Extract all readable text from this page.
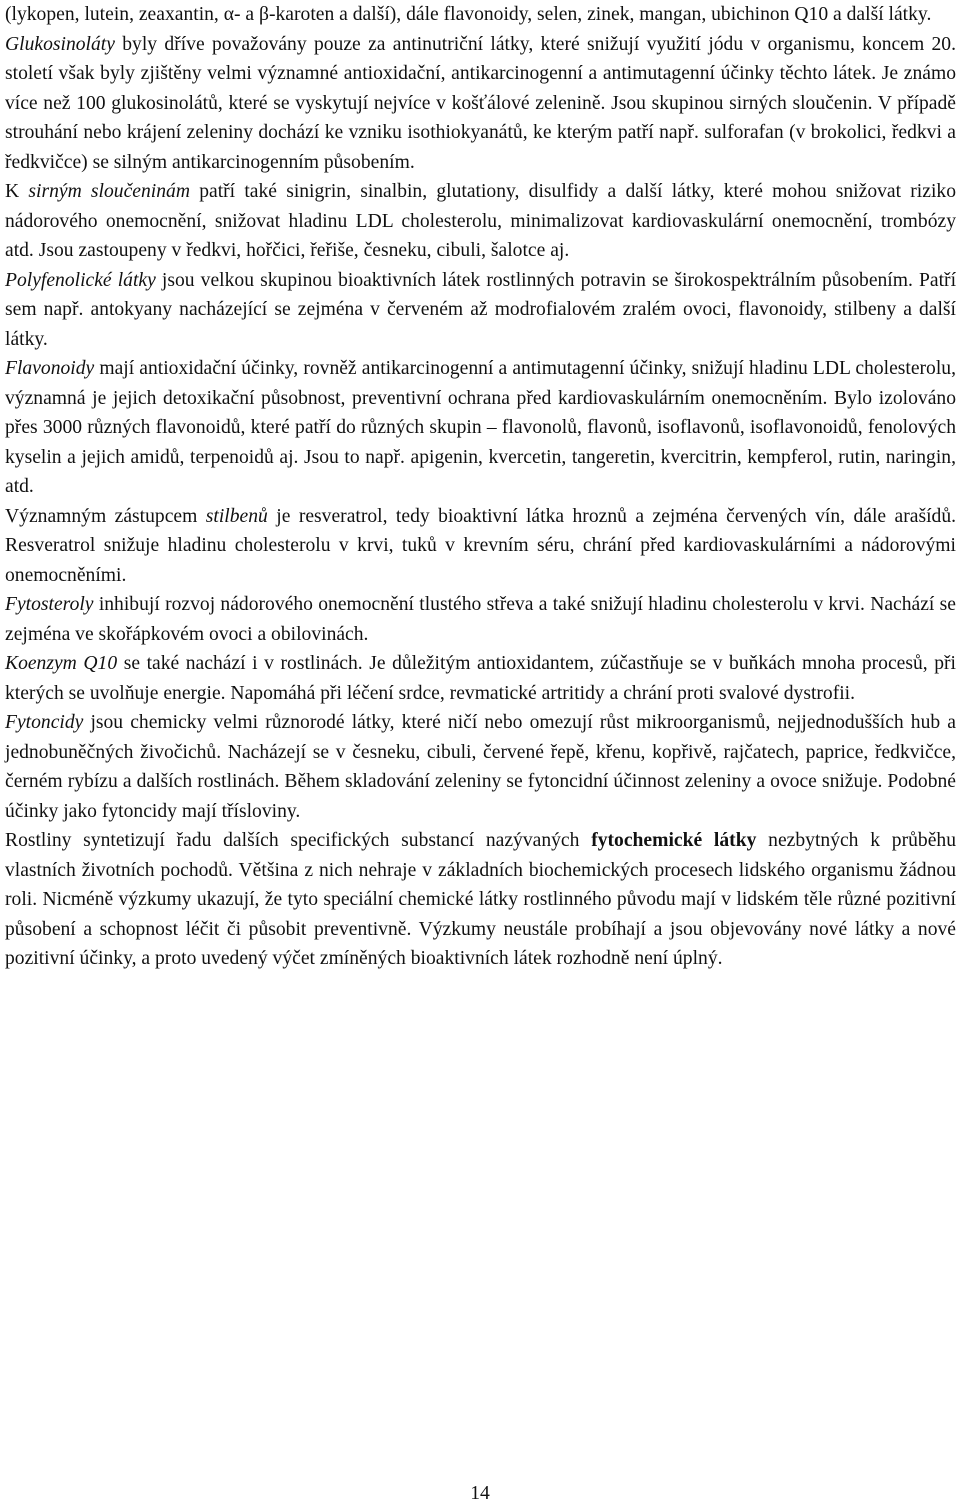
(lykopen, lutein, zeaxantin, α- a β-karoten a další), dále flavonoidy, selen, zinek, mangan, ubichinon Q10 a další látky.

Glukosinoláty byly dříve považovány pouze za antinutriční látky, které snižují využití jódu v organismu, koncem 20. století však byly zjištěny velmi významné antioxidační, antikarcinogenní a antimutagenní účinky těchto látek. Je známo více než 100 glukosinolátů, které se vyskytují nejvíce v košťálové zelenině. Jsou skupinou sirných sloučenin. V případě strouhání nebo krájení zeleniny dochází ke vzniku isothiokyanátů, ke kterým patří např. sulforafan (v brokolici, ředkvi a ředkvičce) se silným antikarcinogenním působením.

K sirným sloučeninám patří také sinigrin, sinalbin, glutationy, disulfidy a další látky, které mohou snižovat riziko nádorového onemocnění, snižovat hladinu LDL cholesterolu, minimalizovat kardiovaskulární onemocnění, trombózy atd. Jsou zastoupeny v ředkvi, hořčici, řeřiše, česneku, cibuli, šalotce aj.

Polyfenolické látky jsou velkou skupinou bioaktivních látek rostlinných potravin se širokospektrálním působením. Patří sem např. antokyany nacházející se zejména v červeném až modrofialovém zralém ovoci, flavonoidy, stilbeny a další látky.

Flavonoidy mají antioxidační účinky, rovněž antikarcinogenní a antimutagenní účinky, snižují hladinu LDL cholesterolu, významná je jejich detoxikační působnost, preventivní ochrana před kardiovaskulárním onemocněním. Bylo izolováno přes 3000 různých flavonoidů, které patří do různých skupin – flavonolů, flavonů, isoflavonů, isoflavonoidů, fenolových kyselin a jejich amidů, terpenoidů aj. Jsou to např. apigenin, kvercetin, tangeretin, kvercitrin, kempferol, rutin, naringin, atd.

Významným zástupcem stilbenů je resveratrol, tedy bioaktivní látka hroznů a zejména červených vín, dále arašídů. Resveratrol snižuje hladinu cholesterolu v krvi, tuků v krevním séru, chrání před kardiovaskulárními a nádorovými onemocněními.

Fytosteroly inhibují rozvoj nádorového onemocnění tlustého střeva a také snižují hladinu cholesterolu v krvi. Nachází se zejména ve skořápkovém ovoci a obilovinách.

Koenzym Q10 se také nachází i v rostlinách. Je důležitým antioxidantem, zúčastňuje se v buňkách mnoha procesů, při kterých se uvolňuje energie. Napomáhá při léčení srdce, revmatické artritidy a chrání proti svalové dystrofii.

Fytoncidy jsou chemicky velmi různorodé látky, které ničí nebo omezují růst mikroorganismů, nejjednodušších hub a jednobuněčných živočichů. Nacházejí se v česneku, cibuli, červené řepě, křenu, kopřivě, rajčatech, paprice, ředkvičce, černém rybízu a dalších rostlinách. Během skladování zeleniny se fytoncidní účinnost zeleniny a ovoce snižuje. Podobné účinky jako fytoncidy mají třísloviny.

Rostliny syntetizují řadu dalších specifických substancí nazývaných fytochemické látky nezbytných k průběhu vlastních životních pochodů. Většina z nich nehraje v základních biochemických procesech lidského organismu žádnou roli. Nicméně výzkumy ukazují, že tyto speciální chemické látky rostlinného původu mají v lidském těle různé pozitivní působení a schopnost léčit či působit preventivně. Výzkumy neustále probíhají a jsou objevovány nové látky a nové pozitivní účinky, a proto uvedený výčet zmíněných bioaktivních látek rozhodně není úplný.

14
